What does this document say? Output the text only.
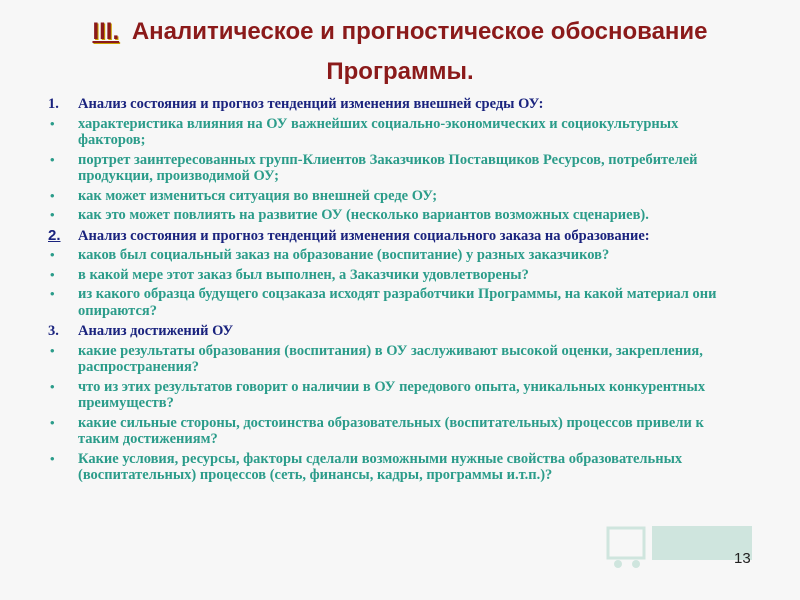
III. Аналитическое и прогностическое обоснование
Программы.
1.	Анализ состояния и прогноз тенденций изменения внешней среды ОУ:
•	характеристика влияния на ОУ важнейших социально-экономических и социокультурных факторов;
•	портрет заинтересованных групп-Клиентов Заказчиков Поставщиков Ресурсов, потребителей продукции, производимой ОУ;
•	как может измениться ситуация во внешней среде ОУ;
•	как это может повлиять на развитие ОУ (несколько вариантов возможных сценариев).
2.	Анализ состояния и прогноз тенденций изменения социального заказа на образование:
•	каков был социальный заказ на образование (воспитание) у разных заказчиков?
•	в какой мере этот заказ был выполнен, а Заказчики удовлетворены?
•	из какого образца будущего соцзаказа исходят разработчики Программы, на какой материал они опираются?
3.	Анализ достижений ОУ
•	какие результаты образования (воспитания) в ОУ заслуживают высокой оценки, закрепления, распространения?
•	что из этих результатов говорит о наличии в ОУ передового опыта, уникальных конкурентных преимуществ?
•	какие сильные стороны, достоинства образовательных (воспитательных) процессов привели к таким достижениям?
•	Какие условия, ресурсы, факторы сделали возможными нужные свойства образовательных (воспитательных) процессов (сеть, финансы, кадры, программы и.т.п.)?
13
